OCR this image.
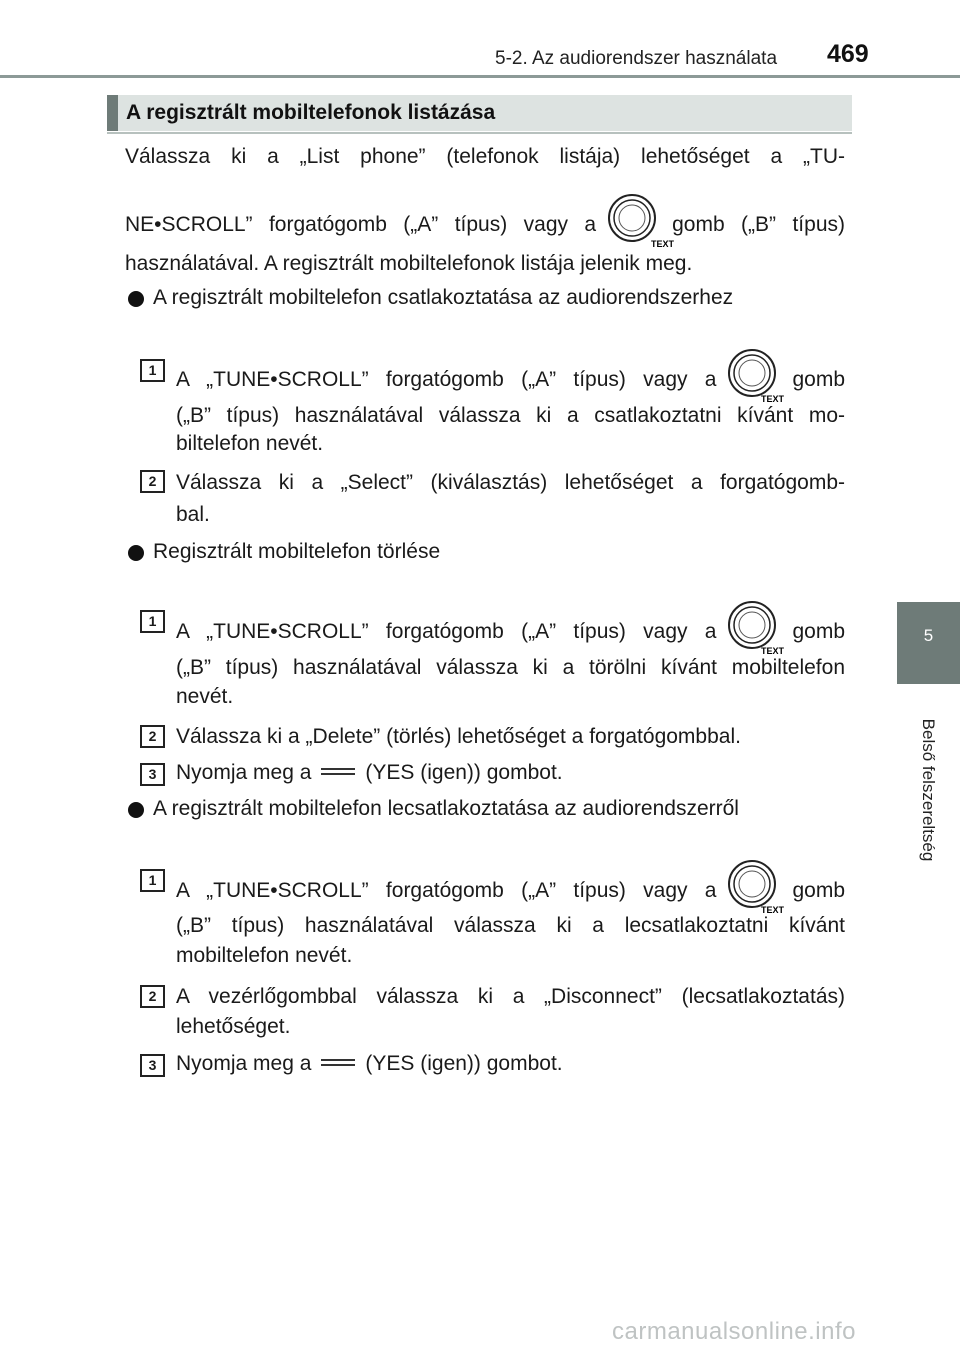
5-2. Az audiorendszer használata 469
5
Belső felszereltség
A regisztrált mobiltelefonok listázása
Válassza ki a „List phone” (telefonok listája) lehetőséget a „TU-
NE•SCROLL” forgatógomb („A” típus) vagy a
TEXT
gomb („B” típus)
használatával. A regisztrált mobiltelefonok listája jelenik meg.
A regisztrált mobiltelefon csatlakoztatása az audiorendszerhez
1 A „TUNE•SCROLL” forgatógomb („A” típus) vagy a
TEXT
gomb
(„B” típus) használatával válassza ki a csatlakoztatni kívánt mo-
biltelefon nevét.
2 Válassza ki a „Select” (kiválasztás) lehetőséget a forgatógomb-
bal.
Regisztrált mobiltelefon törlése
1 A „TUNE•SCROLL” forgatógomb („A” típus) vagy a
TEXT
gomb
(„B” típus) használatával válassza ki a törölni kívánt mobiltelefon
nevét.
2 Válassza ki a „Delete” (törlés) lehetőséget a forgatógombbal.
3 Nyomja meg a	(YES (igen)) gombot.
A regisztrált mobiltelefon lecsatlakoztatása az audiorendszerről
1 A „TUNE•SCROLL” forgatógomb („A” típus) vagy a
TEXT
gomb
(„B” típus) használatával válassza ki a lecsatlakoztatni kívánt
mobiltelefon nevét.
2 A vezérlőgombbal válassza ki a „Disconnect” (lecsatlakoztatás)
lehetőséget.
3 Nyomja meg a	(YES (igen)) gombot.
carmanualsonline.info
